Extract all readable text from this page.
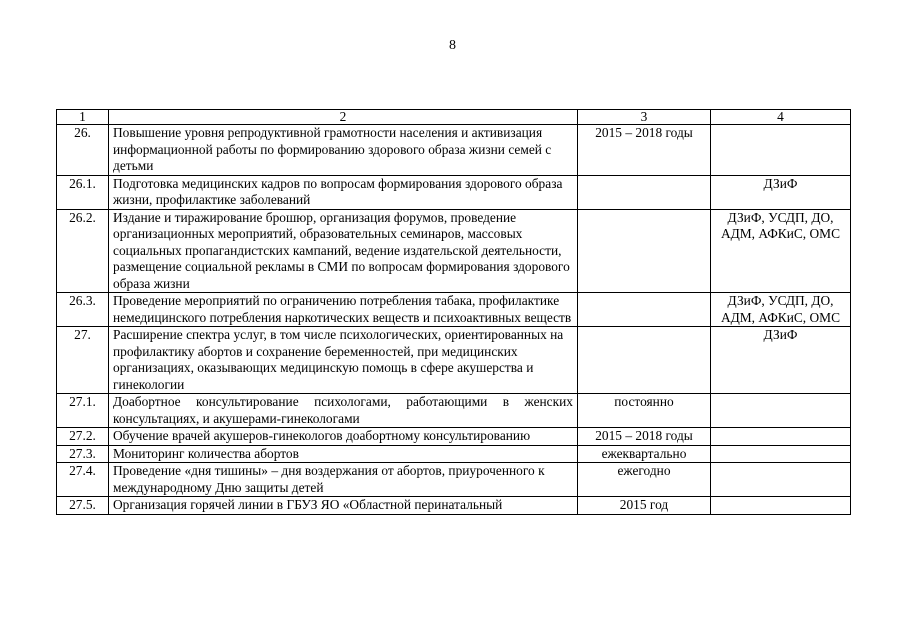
8
1	2	3	4
26.	Повышение уровня репродуктивной грамотности населения и активизация информационной работы по формированию здорового образа жизни семей с детьми	2015 – 2018 годы	
26.1.	Подготовка медицинских кадров по вопросам формирования здорового образа жизни, профилактике заболеваний		ДЗиФ
26.2.	Издание и тиражирование брошюр, организация форумов, проведение организационных мероприятий, образовательных семинаров, массовых социальных пропагандистских кампаний, ведение издательской деятельности, размещение социальной рекламы в СМИ по вопросам формирования здорового образа жизни		ДЗиФ, УСДП, ДО, АДМ, АФКиС, ОМС
26.3.	Проведение мероприятий по ограничению потребления табака, профилактике немедицинского потребления наркотических веществ и психоактивных веществ		ДЗиФ, УСДП, ДО, АДМ, АФКиС, ОМС
27.	Расширение спектра услуг, в том числе психологических, ориентированных на профилактику абортов и сохранение беременностей, при медицинских организациях, оказывающих медицинскую помощь в сфере акушерства и гинекологии		ДЗиФ
27.1.	Доабортное консультирование психологами, работающими в женских консультациях, и акушерами-гинекологами	постоянно	
27.2.	Обучение врачей акушеров-гинекологов доабортному консультированию	2015 – 2018 годы	
27.3.	Мониторинг количества абортов	ежеквартально	
27.4.	Проведение «дня тишины» – дня воздержания от абортов, приуроченного к международному Дню защиты детей	ежегодно	
27.5.	Организация горячей линии в ГБУЗ ЯО «Областной перинатальный	2015 год	
